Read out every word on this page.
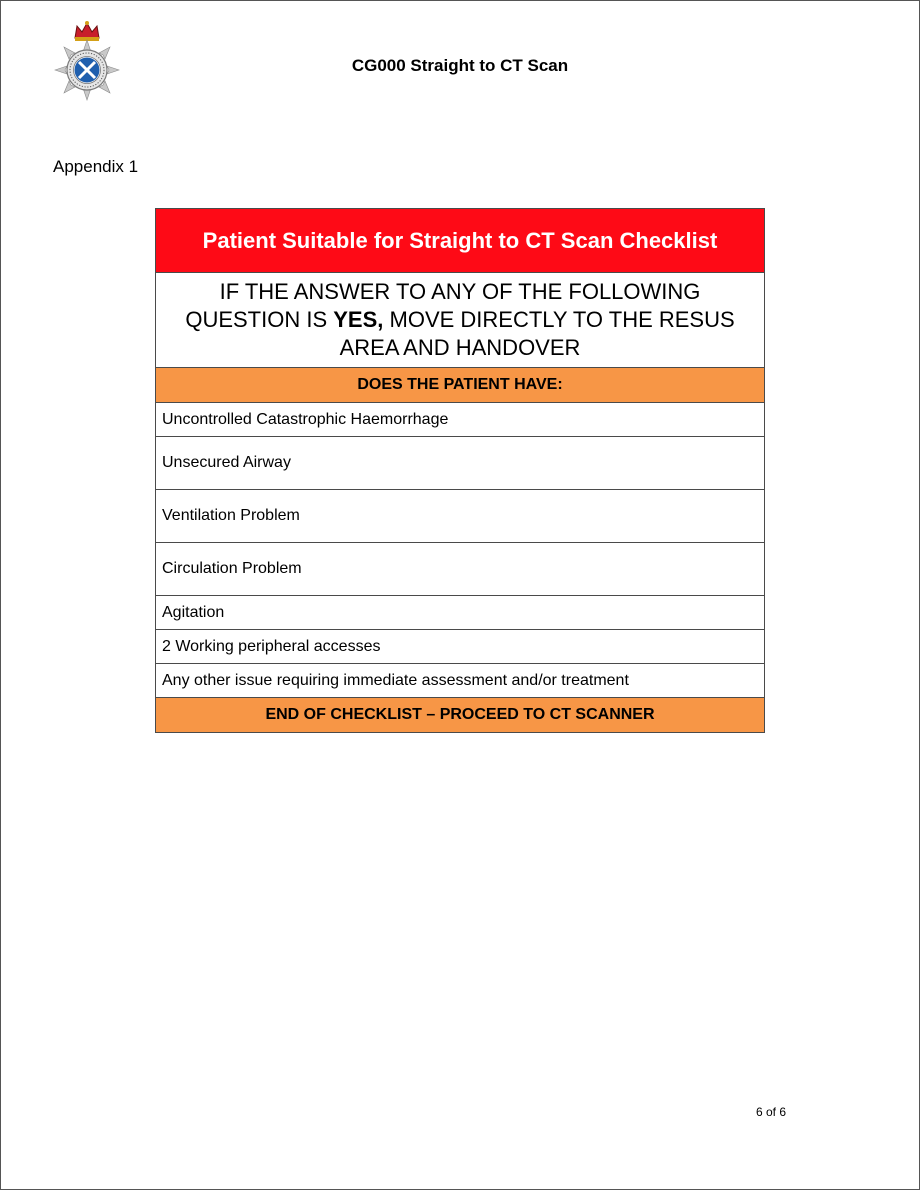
CG000 Straight to CT Scan
Appendix 1
Patient Suitable for Straight to CT Scan Checklist
IF THE ANSWER TO ANY OF THE FOLLOWING QUESTION IS YES, MOVE DIRECTLY TO THE RESUS AREA AND HANDOVER
DOES THE PATIENT HAVE:
Uncontrolled Catastrophic Haemorrhage
Unsecured Airway
Ventilation Problem
Circulation Problem
Agitation
2 Working peripheral accesses
Any other issue requiring immediate assessment and/or treatment
END OF CHECKLIST – PROCEED TO CT SCANNER
6 of 6
